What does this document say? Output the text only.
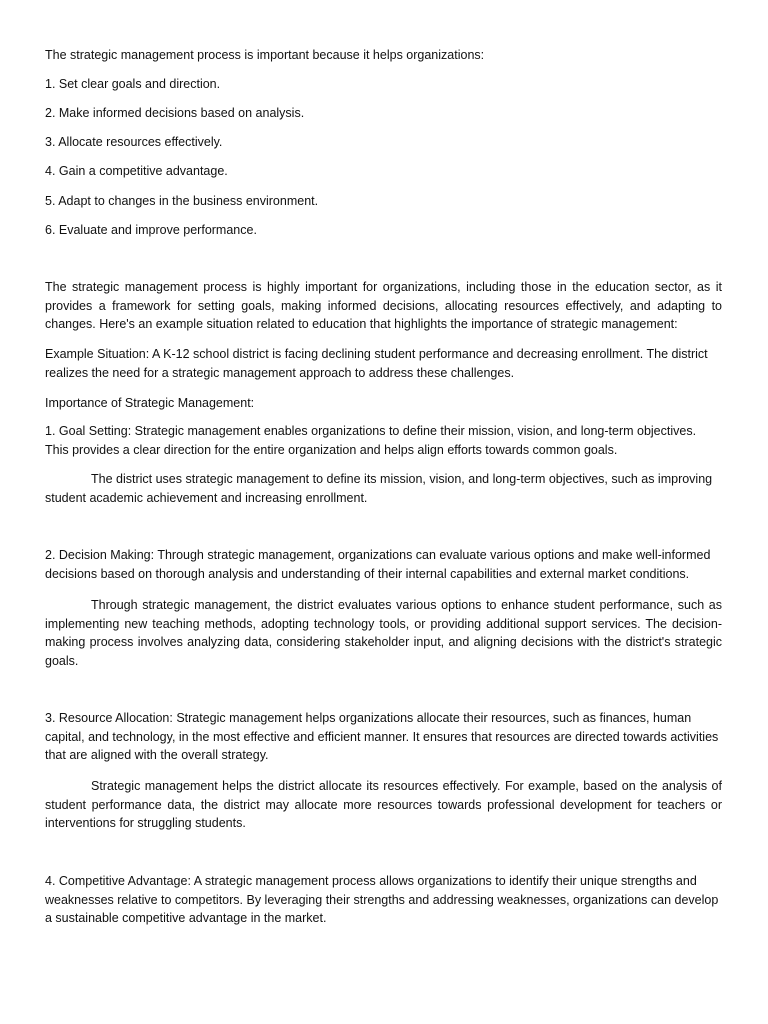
The strategic management process is important because it helps organizations:

1. Set clear goals and direction.

2. Make informed decisions based on analysis.

3. Allocate resources effectively.

4. Gain a competitive advantage.

5. Adapt to changes in the business environment.

6. Evaluate and improve performance.

The strategic management process is highly important for organizations, including those in the education sector, as it provides a framework for setting goals, making informed decisions, allocating resources effectively, and adapting to changes. Here's an example situation related to education that highlights the importance of strategic management:

Example Situation: A K-12 school district is facing declining student performance and decreasing enrollment. The district realizes the need for a strategic management approach to address these challenges.

Importance of Strategic Management:

1. Goal Setting: Strategic management enables organizations to define their mission, vision, and long-term objectives. This provides a clear direction for the entire organization and helps align efforts towards common goals.

The district uses strategic management to define its mission, vision, and long-term objectives, such as improving student academic achievement and increasing enrollment.

2. Decision Making: Through strategic management, organizations can evaluate various options and make well-informed decisions based on thorough analysis and understanding of their internal capabilities and external market conditions.

Through strategic management, the district evaluates various options to enhance student performance, such as implementing new teaching methods, adopting technology tools, or providing additional support services. The decision-making process involves analyzing data, considering stakeholder input, and aligning decisions with the district's strategic goals.

3. Resource Allocation: Strategic management helps organizations allocate their resources, such as finances, human capital, and technology, in the most effective and efficient manner. It ensures that resources are directed towards activities that are aligned with the overall strategy.

Strategic management helps the district allocate its resources effectively. For example, based on the analysis of student performance data, the district may allocate more resources towards professional development for teachers or interventions for struggling students.

4. Competitive Advantage: A strategic management process allows organizations to identify their unique strengths and weaknesses relative to competitors. By leveraging their strengths and addressing weaknesses, organizations can develop a sustainable competitive advantage in the market.
